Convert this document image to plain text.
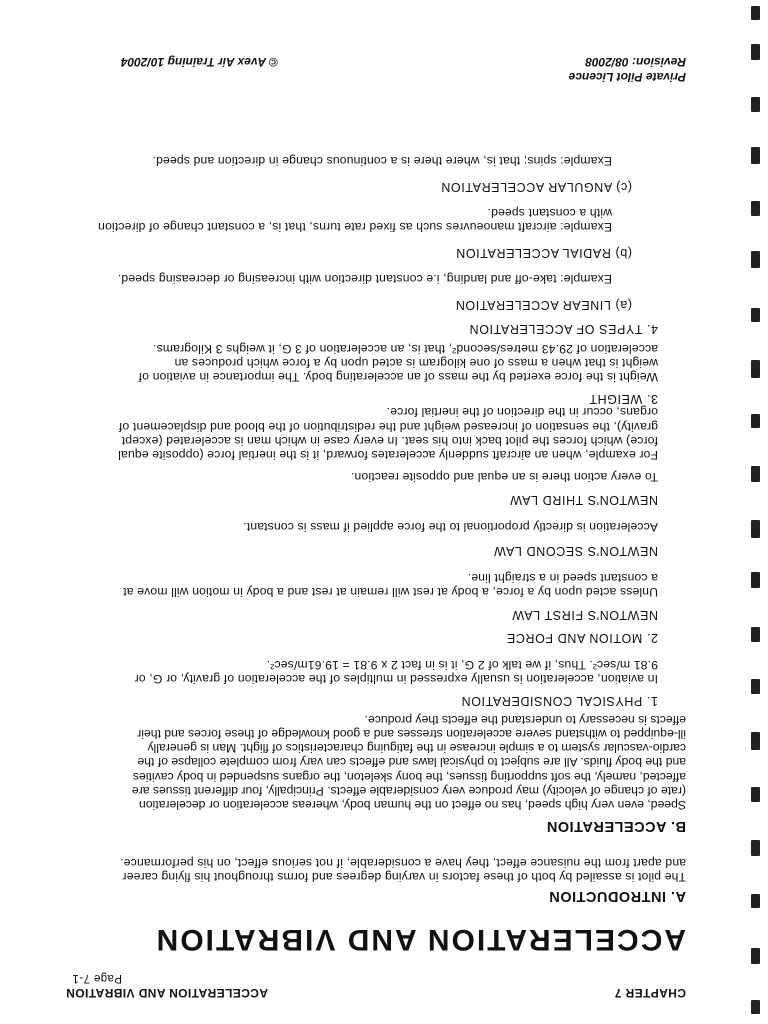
CHAPTER 7
ACCELERATION AND VIBRATION
Page 7-1
ACCELERATION AND VIBRATION
A. INTRODUCTION
The pilot is assailed by both of these factors in varying degrees and forms throughout his flying career
and apart from the nuisance effect, they have a considerable, if not serious effect, on his performance.
B. ACCELERATION
Speed, even very high speed, has no effect on the human body, whereas acceleration or deceleration
(rate of change of velocity) may produce very considerable effects. Principally, four different tissues are
affected, namely, the soft supporting tissues, the bony skeleton, the organs suspended in body cavities
and the body fluids. All are subject to physical laws and effects can vary from complete collapse of the
cardio-vascular system to a simple increase in the fatiguing characteristics of flight. Man is generally
ill-equipped to withstand severe acceleration stresses and a good knowledge of these forces and their
effects is necessary to understand the effects they produce.
1. PHYSICAL CONSIDERATION
In aviation, acceleration is usually expressed in multiples of the acceleration of gravity, or G, or
9.81 m/sec². Thus, if we talk of 2 G, it is in fact 2 x 9.81 = 19.61m/sec².
2. MOTION AND FORCE
NEWTON'S FIRST LAW
Unless acted upon by a force, a body at rest will remain at rest and a body in motion will move at
a constant speed in a straight line.
NEWTON'S SECOND LAW
Acceleration is directly proportional to the force applied if mass is constant.
NEWTON'S THIRD LAW
To every action there is an equal and opposite reaction.
For example, when an aircraft suddenly accelerates forward, it is the inertial force (opposite equal
force) which forces the pilot back into his seat. In every case in which man is accelerated (except
gravity), the sensation of increased weight and the redistribution of the blood and displacement of
organs, occur in the direction of the inertial force.
3. WEIGHT
Weight is the force exerted by the mass of an accelerating body. The importance in aviation of
weight is that when a mass of one kilogram is acted upon by a force which produces an
acceleration of 29.43 metres/second², that is, an acceleration of 3 G, it weighs 3 Kilograms.
4. TYPES OF ACCELERATION
(a) LINEAR ACCELERATION
Example: take-off and landing, i.e constant direction with increasing or decreasing speed.
(b) RADIAL ACCELERATION
Example: aircraft manoeuvres such as fixed rate turns, that is, a constant change of direction
with a constant speed.
(c) ANGULAR ACCELERATION
Example: spins; that is, where there is a continuous change in direction and speed.
Private Pilot Licence
Revision: 08/2008
© Avex Air Training 10/2004
